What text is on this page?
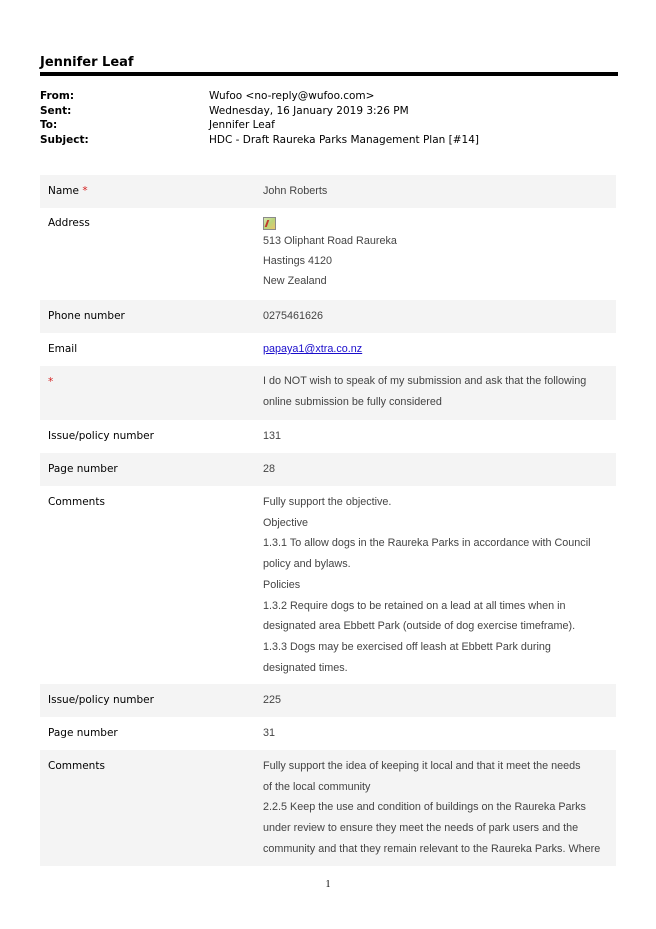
Jennifer Leaf
From:	Wufoo <no-reply@wufoo.com>
Sent:	Wednesday, 16 January 2019 3:26 PM
To:	Jennifer Leaf
Subject:	HDC - Draft Raureka Parks Management Plan [#14]
Name *	John Roberts
Address
513 Oliphant Road Raureka
Hastings 4120
New Zealand
Phone number	0275461626
Email	papaya1@xtra.co.nz
*	I do NOT wish to speak of my submission and ask that the following
online submission be fully considered
Issue/policy number	131
Page number	28
Comments	Fully support the objective.
Objective
1.3.1 To allow dogs in the Raureka Parks in accordance with Council
policy and bylaws.
Policies
1.3.2 Require dogs to be retained on a lead at all times when in
designated area Ebbett Park (outside of dog exercise timeframe).
1.3.3 Dogs may be exercised off leash at Ebbett Park during
designated times.
Issue/policy number	225
Page number	31
Comments	Fully support the idea of keeping it local and that it meet the needs
of the local community
2.2.5 Keep the use and condition of buildings on the Raureka Parks
under review to ensure they meet the needs of park users and the
community and that they remain relevant to the Raureka Parks. Where
1
